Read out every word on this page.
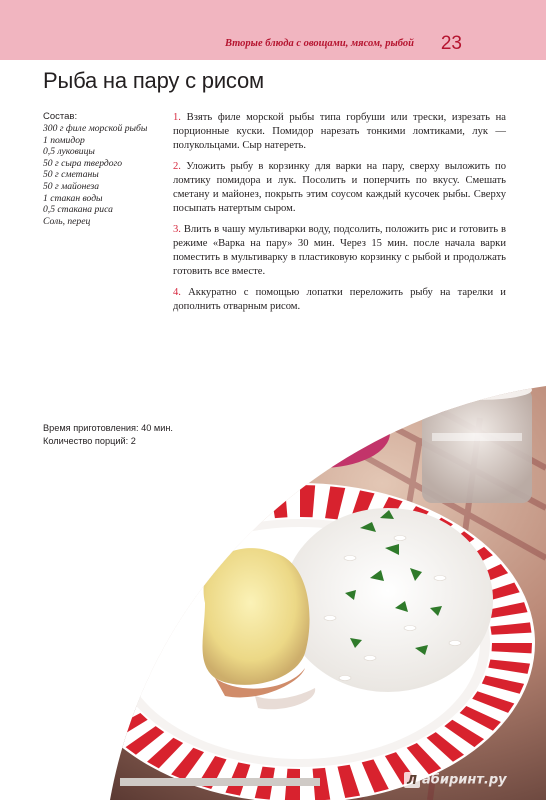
Вторые блюда с овощами, мясом, рыбой 23
Рыба на пару с рисом
Состав:
300 г филе морской рыбы
1 помидор
0,5 луковицы
50 г сыра твердого
50 г сметаны
50 г майонеза
1 стакан воды
0,5 стакана риса
Соль, перец

1. Взять филе морской рыбы типа горбуши или трески, изрезать на порционные куски. Помидор нарезать тонкими ломтиками, лук — полукольцами. Сыр натереть.

2. Уложить рыбу в корзинку для варки на пару, сверху выложить по ломтику помидора и лук. Посолить и поперчить по вкусу. Смешать сметану и майонез, покрыть этим соусом каждый кусочек рыбы. Сверху посыпать натертым сыром.

3. Влить в чашу мультиварки воду, подсолить, положить рис и готовить в режиме «Варка на пару» 30 мин. Через 15 мин. после начала варки поместить в мультиварку в пластиковую корзинку с рыбой и продолжать готовить все вместе.

4. Аккуратно с помощью лопатки переложить рыбу на тарелки и дополнить отварным рисом.

Время приготовления: 40 мин.
Количество порций: 2
Л абиринт.ру
